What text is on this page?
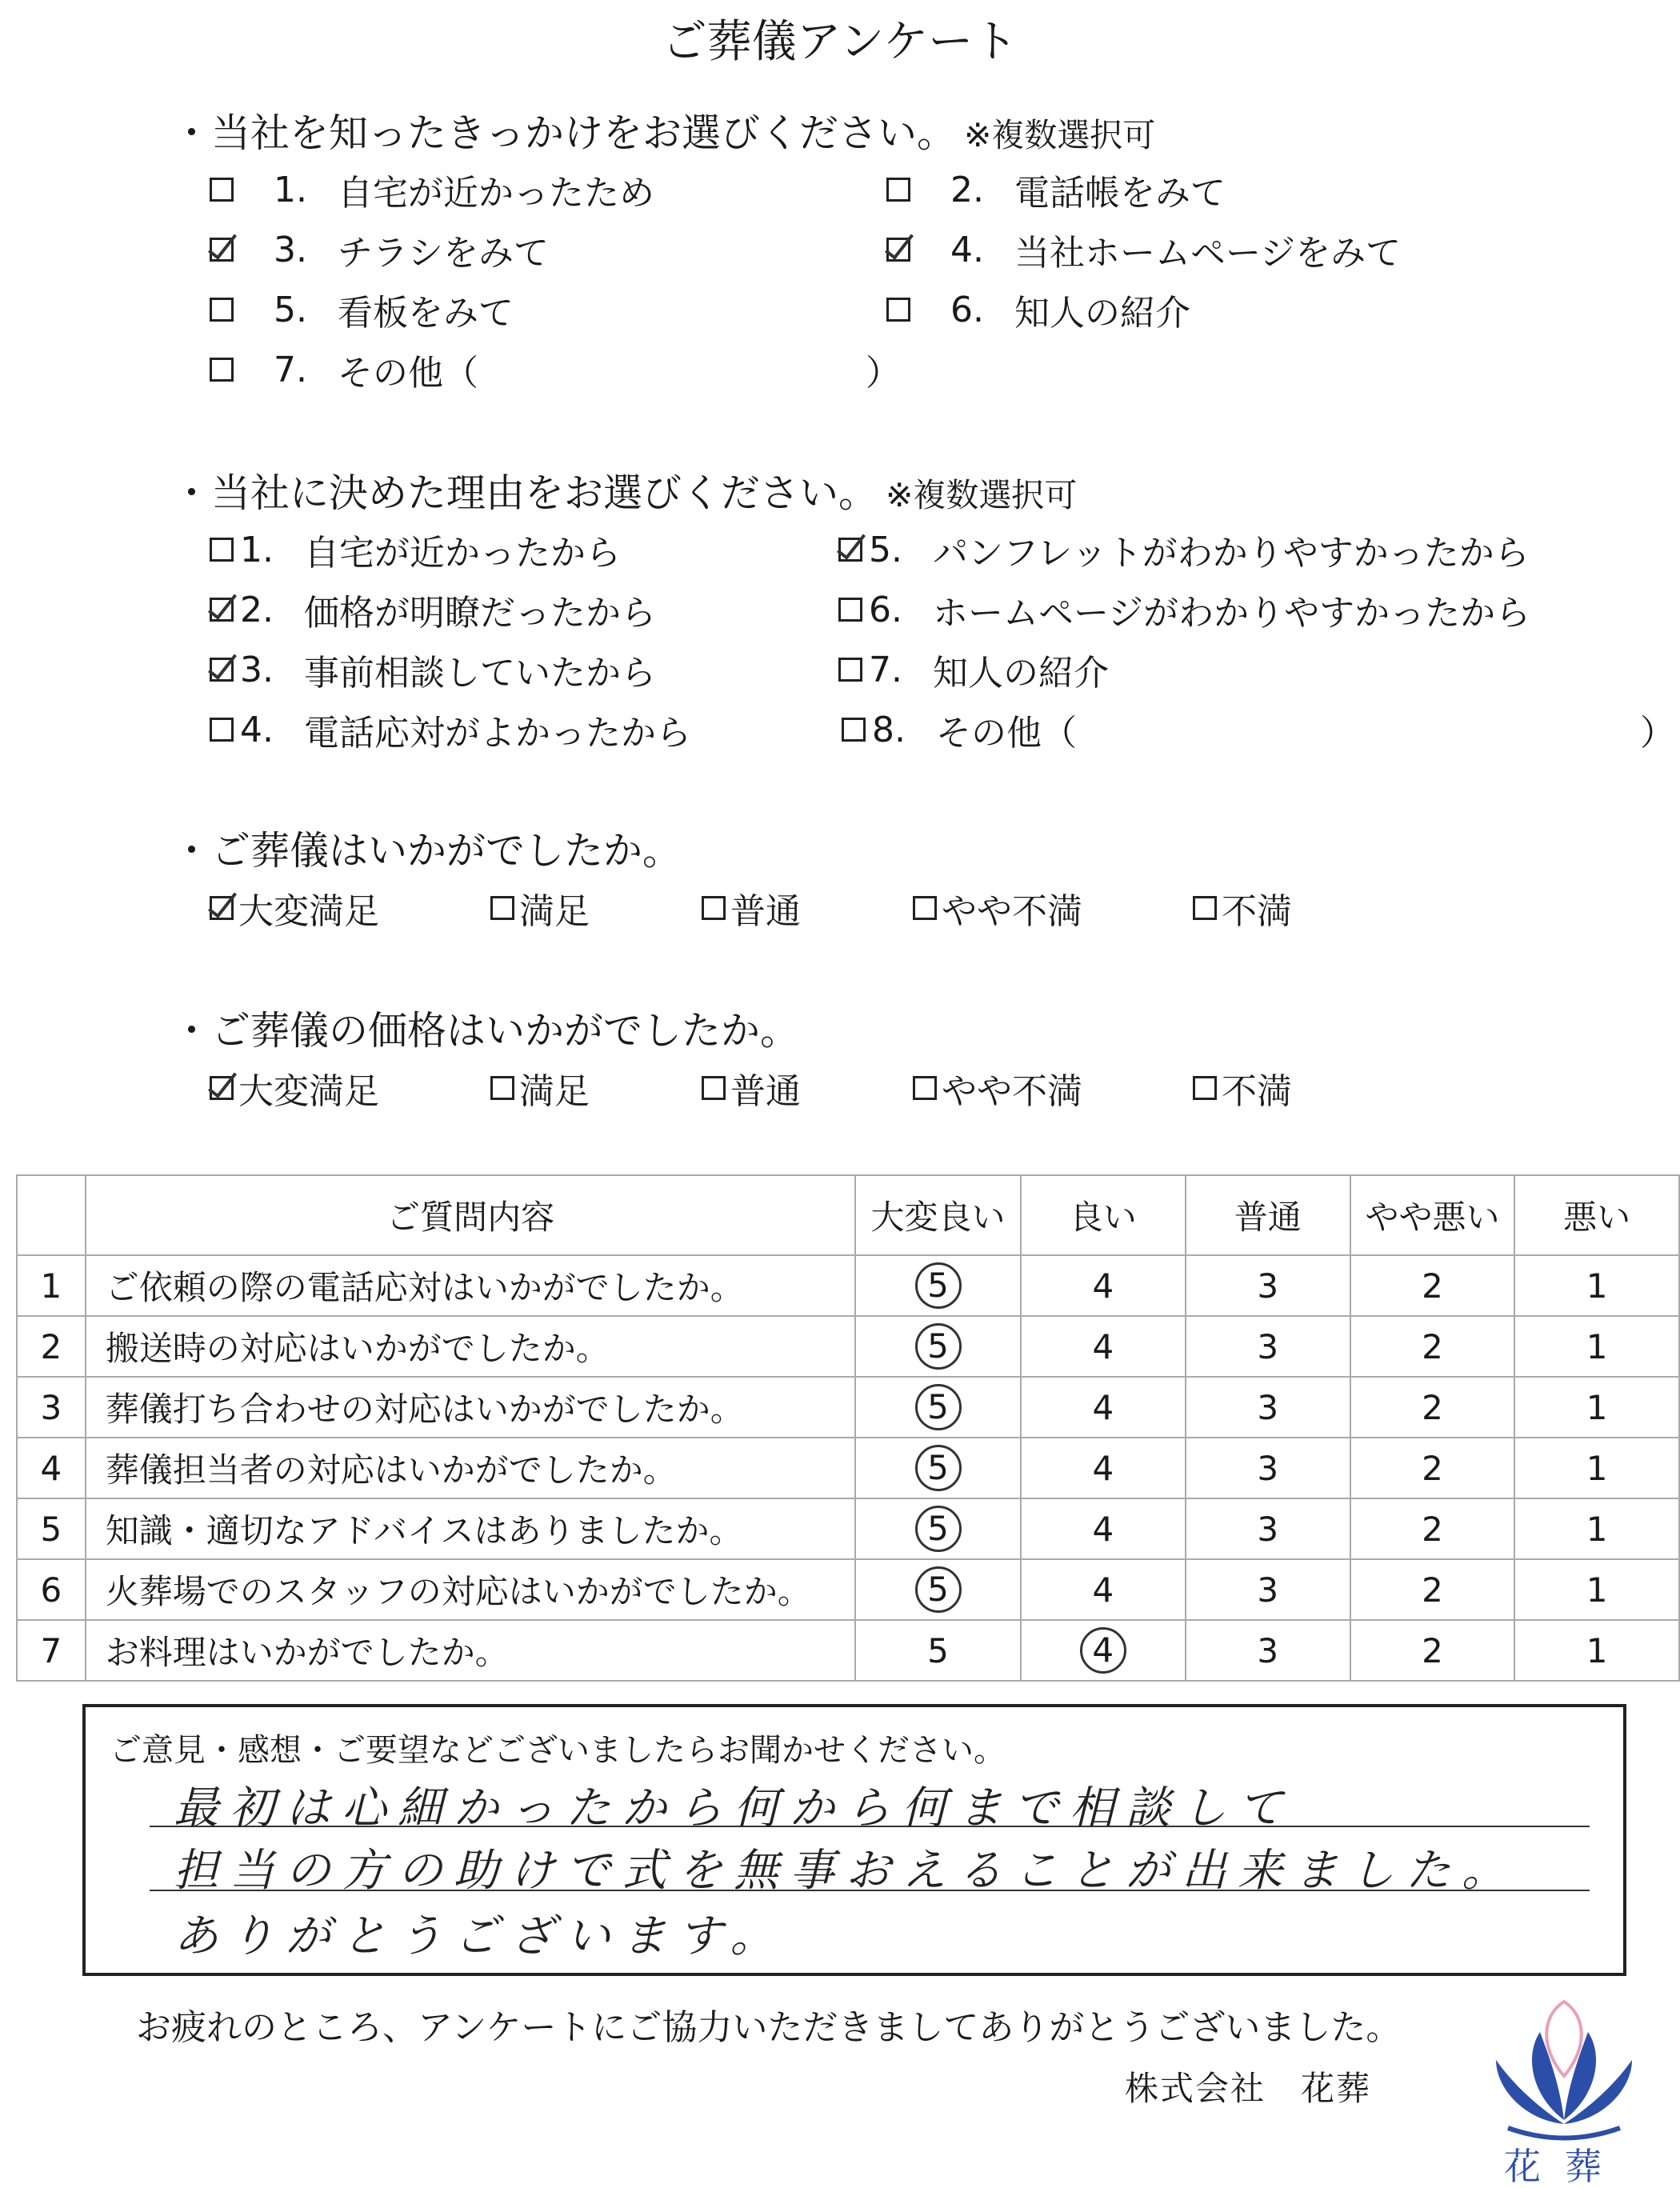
ご葬儀アンケート
・当社を知ったきっかけをお選びください。 ※複数選択可
1. 自宅が近かったため	2. 電話帳をみて
3. チラシをみて	4. 当社ホームページをみて
5. 看板をみて	6. 知人の紹介
7. その他（　　　　　　　　　　　）
・当社に決めた理由をお選びください。 ※複数選択可
1. 自宅が近かったから
2. 価格が明瞭だったから
3. 事前相談していたから
4. 電話応対がよかったから
5. パンフレットがわかりやすかったから
6. ホームページがわかりやすかったから
7. 知人の紹介
8. その他（　　　　　　　　　　　　　　　　）
・ご葬儀はいかがでしたか。
大変満足	満足	普通	やや不満	不満
・ご葬儀の価格はいかがでしたか。
大変満足	満足	普通	やや不満	不満
	ご質問内容	大変良い	良い	普通	やや悪い	悪い
1	ご依頼の際の電話応対はいかがでしたか。	5	4	3	2	1
2	搬送時の対応はいかがでしたか。	5	4	3	2	1
3	葬儀打ち合わせの対応はいかがでしたか。	5	4	3	2	1
4	葬儀担当者の対応はいかがでしたか。	5	4	3	2	1
5	知識・適切なアドバイスはありましたか。	5	4	3	2	1
6	火葬場でのスタッフの対応はいかがでしたか。	5	4	3	2	1
7	お料理はいかがでしたか。	5	4	3	2	1
ご意見・感想・ご要望などございましたらお聞かせください。
最初は心細かったから何から何まで相談して
担当の方の助けで式を無事おえることが出来ました。
ありがとうございます。
お疲れのところ、アンケートにご協力いただきましてありがとうございました。
株式会社　花葬
花葬
